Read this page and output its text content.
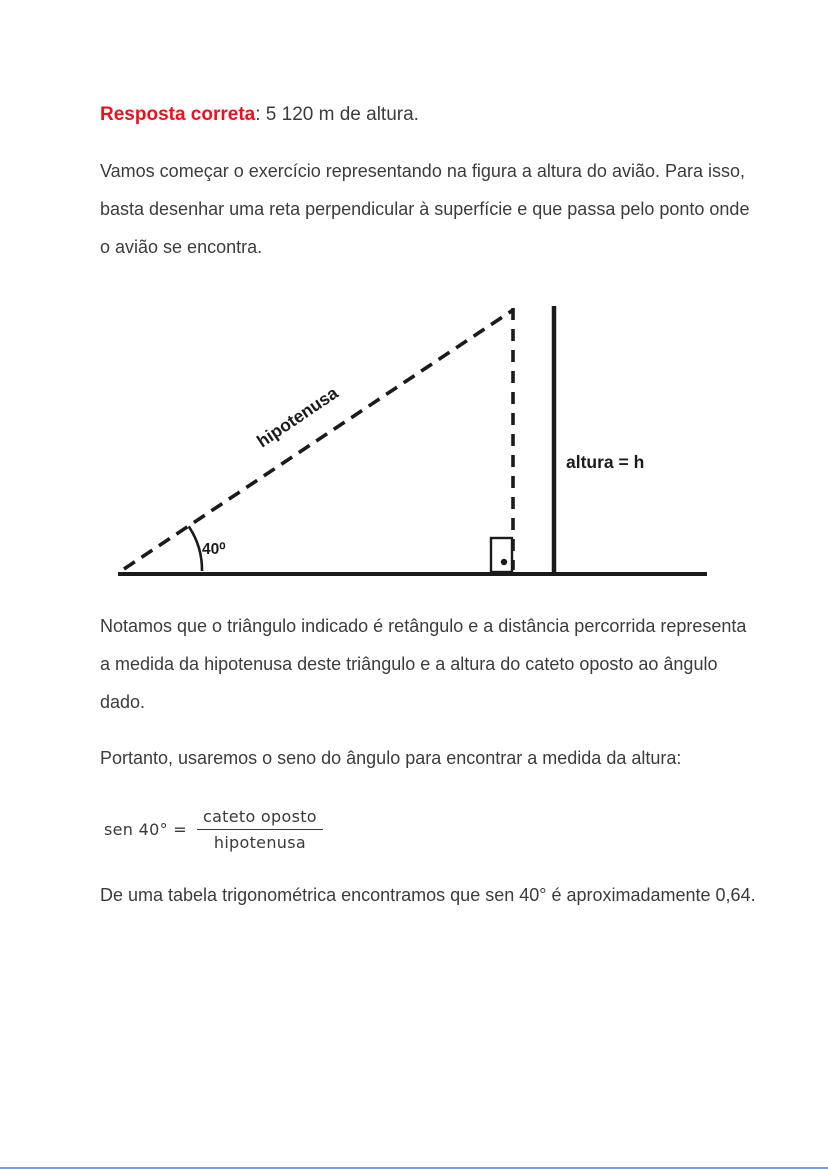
Resposta correta: 5 120 m de altura.

Vamos começar o exercício representando na figura a altura do avião. Para isso, basta desenhar uma reta perpendicular à superfície e que passa pelo ponto onde o avião se encontra.

hipotenusa
40⁰
altura = h

Notamos que o triângulo indicado é retângulo e a distância percorrida representa a medida da hipotenusa deste triângulo e a altura do cateto oposto ao ângulo dado.

Portanto, usaremos o seno do ângulo para encontrar a medida da altura:

sen $40^\circ = \frac{\text{cateto oposto}}{\text{hipotenusa}}$

De uma tabela trigonométrica encontramos que sen 40° é aproximadamente 0,64.
